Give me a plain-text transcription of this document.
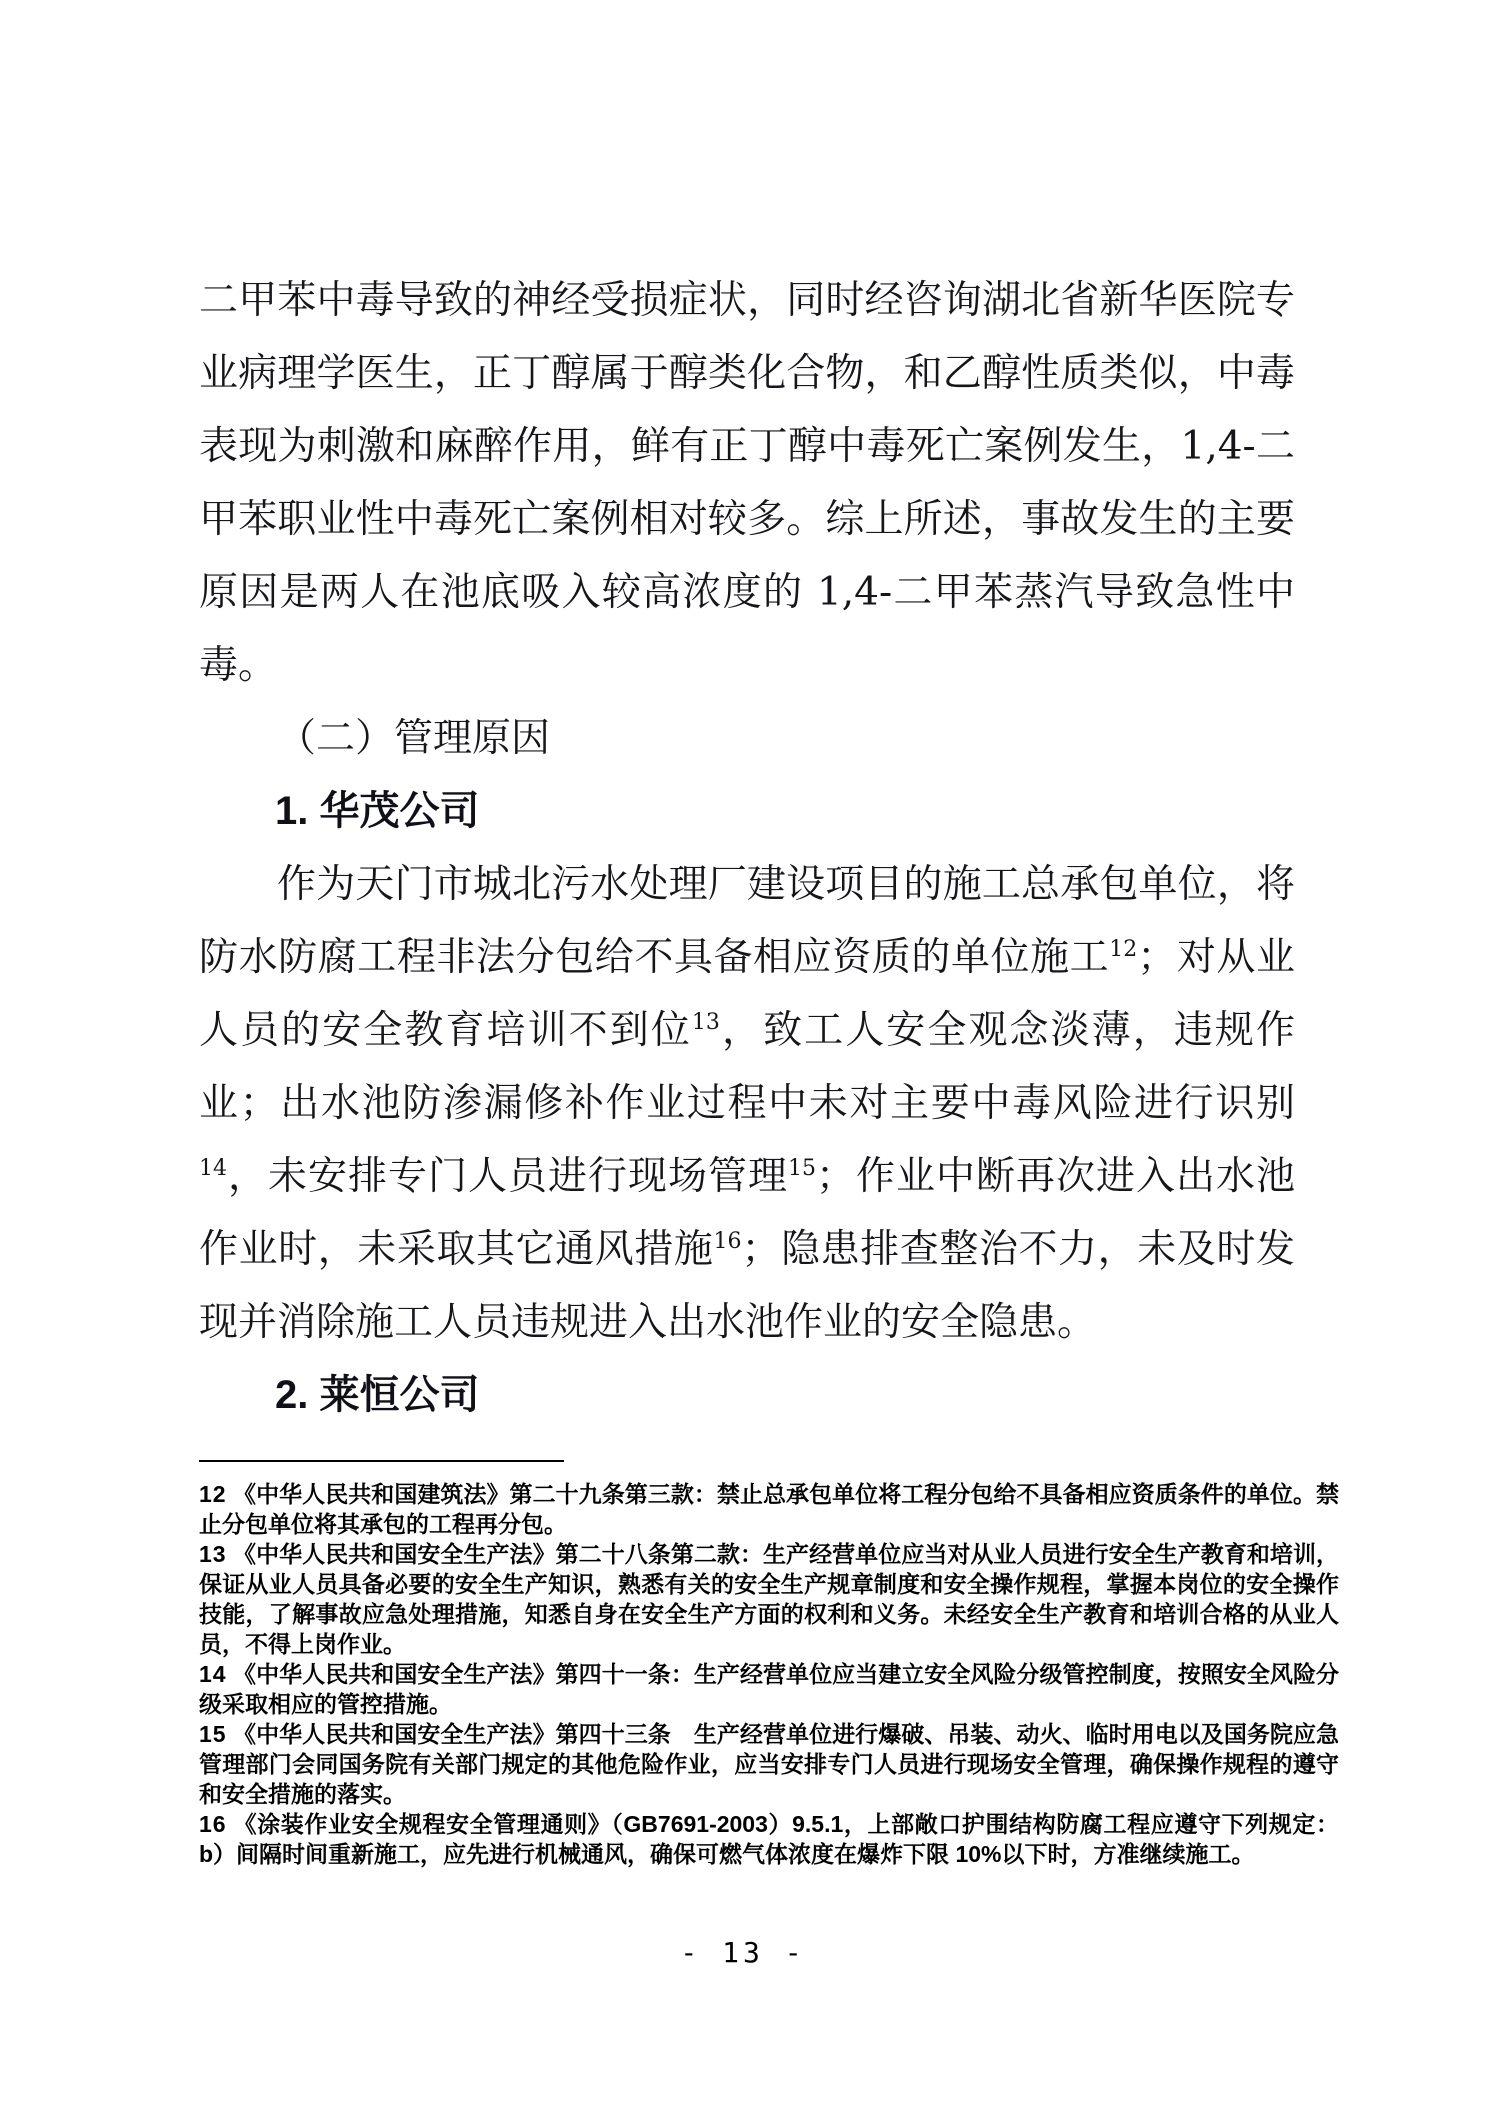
二甲苯中毒导致的神经受损症状，同时经咨询湖北省新华医院专业病理学医生，正丁醇属于醇类化合物，和乙醇性质类似，中毒表现为刺激和麻醉作用，鲜有正丁醇中毒死亡案例发生，1,4-二甲苯职业性中毒死亡案例相对较多。综上所述，事故发生的主要原因是两人在池底吸入较高浓度的 1,4-二甲苯蒸汽导致急性中毒。

（二）管理原因

1. 华茂公司

作为天门市城北污水处理厂建设项目的施工总承包单位，将防水防腐工程非法分包给不具备相应资质的单位施工$^{12}$；对从业人员的安全教育培训不到位$^{13}$，致工人安全观念淡薄，违规作业；出水池防渗漏修补作业过程中未对主要中毒风险进行识别$^{14}$，未安排专门人员进行现场管理$^{15}$；作业中断再次进入出水池作业时，未采取其它通风措施$^{16}$；隐患排查整治不力，未及时发现并消除施工人员违规进入出水池作业的安全隐患。

2. 莱恒公司

12 《中华人民共和国建筑法》第二十九条第三款：禁止总承包单位将工程分包给不具备相应资质条件的单位。禁止分包单位将其承包的工程再分包。

13 《中华人民共和国安全生产法》第二十八条第二款：生产经营单位应当对从业人员进行安全生产教育和培训，保证从业人员具备必要的安全生产知识，熟悉有关的安全生产规章制度和安全操作规程，掌握本岗位的安全操作技能，了解事故应急处理措施，知悉自身在安全生产方面的权利和义务。未经安全生产教育和培训合格的从业人员，不得上岗作业。

14 《中华人民共和国安全生产法》第四十一条：生产经营单位应当建立安全风险分级管控制度，按照安全风险分级采取相应的管控措施。

15 《中华人民共和国安全生产法》第四十三条　生产经营单位进行爆破、吊装、动火、临时用电以及国务院应急管理部门会同国务院有关部门规定的其他危险作业，应当安排专门人员进行现场安全管理，确保操作规程的遵守和安全措施的落实。

16 《涂装作业安全规程安全管理通则》（GB7691-2003）9.5.1，上部敞口护围结构防腐工程应遵守下列规定：b）间隔时间重新施工，应先进行机械通风，确保可燃气体浓度在爆炸下限 10%以下时，方准继续施工。

- 13 -
